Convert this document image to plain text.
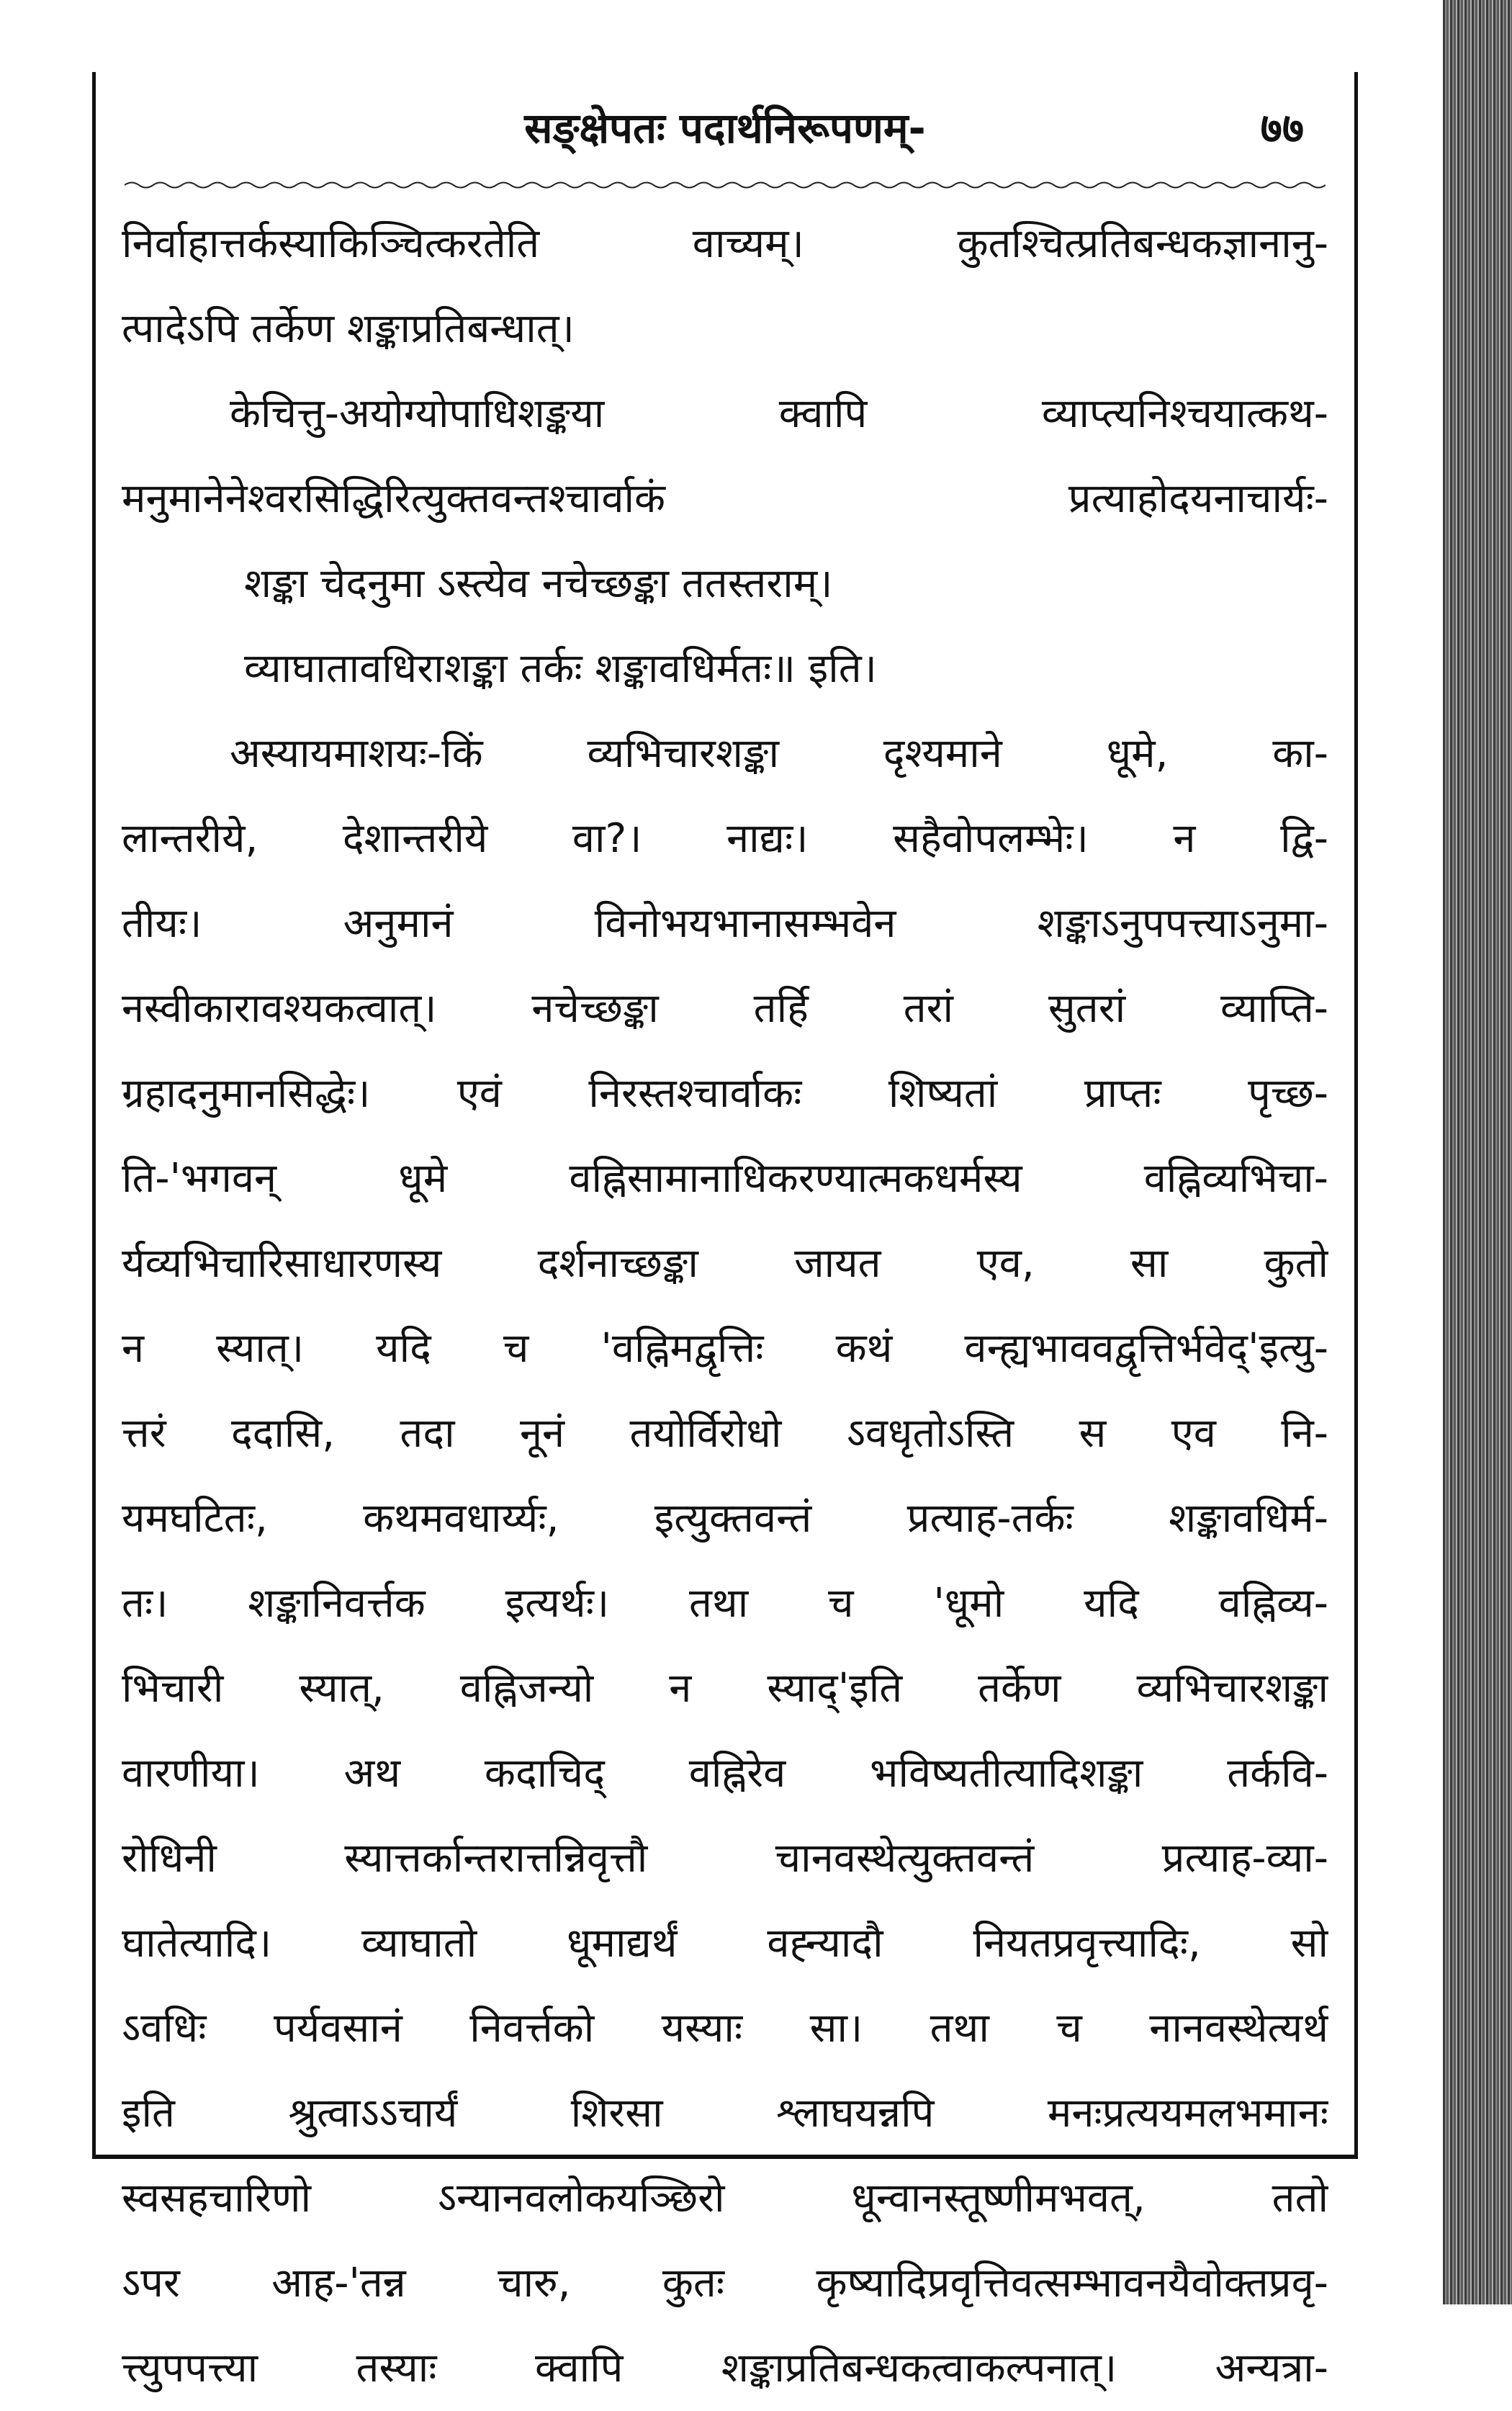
सङ्क्षेपतः पदार्थनिरूपणम्-	७७
निर्वाहात्तर्कस्याकिञ्चित्करतेति वाच्यम्। कुतश्चित्प्रतिबन्धकज्ञानानु-
त्पादेऽपि तर्केण शङ्काप्रतिबन्धात्।
केचित्तु-अयोग्योपाधिशङ्कया क्वापि व्याप्त्यनिश्चयात्कथ-
मनुमानेनेश्वरसिद्धिरित्युक्तवन्तश्चार्वाकं प्रत्याहोदयनाचार्यः-
शङ्का चेदनुमा ऽस्त्येव नचेच्छङ्का ततस्तराम्।
व्याघातावधिराशङ्का तर्कः शङ्कावधिर्मतः॥ इति।
अस्यायमाशयः-किं व्यभिचारशङ्का दृश्यमाने धूमे, का-
लान्तरीये, देशान्तरीये वा?। नाद्यः। सहैवोपलम्भेः। न द्वि-
तीयः। अनुमानं विनोभयभानासम्भवेन शङ्काऽनुपपत्त्याऽनुमा-
नस्वीकारावश्यकत्वात्। नचेच्छङ्का तर्हि तरां सुतरां व्याप्ति-
ग्रहादनुमानसिद्धेः। एवं निरस्तश्चार्वाकः शिष्यतां प्राप्तः पृच्छ-
ति-'भगवन् धूमे वह्निसामानाधिकरण्यात्मकधर्मस्य वह्निव्यभिचा-
र्यव्यभिचारिसाधारणस्य दर्शनाच्छङ्का जायत एव, सा कुतो
न स्यात्। यदि च 'वह्निमद्वृत्तिः कथं वन्ह्यभाववद्वृत्तिर्भवेद्'इत्यु-
त्तरं ददासि, तदा नूनं तयोर्विरोधो ऽवधृतोऽस्ति स एव नि-
यमघटितः, कथमवधार्य्यः, इत्युक्तवन्तं प्रत्याह-तर्कः शङ्कावधिर्म-
तः। शङ्कानिवर्त्तक इत्यर्थः। तथा च 'धूमो यदि वह्निव्य-
भिचारी स्यात्, वह्निजन्यो न स्याद्'इति तर्केण व्यभिचारशङ्का
वारणीया। अथ कदाचिद् वह्निरेव भविष्यतीत्यादिशङ्का तर्कवि-
रोधिनी स्यात्तर्कान्तरात्तन्निवृत्तौ चानवस्थेत्युक्तवन्तं प्रत्याह-व्या-
घातेत्यादि। व्याघातो धूमाद्यर्थं वह्न्यादौ नियतप्रवृत्त्यादिः, सो
ऽवधिः पर्यवसानं निवर्त्तको यस्याः सा। तथा च नानवस्थेत्यर्थ
इति श्रुत्वाऽऽचार्यं शिरसा श्लाघयन्नपि मनःप्रत्ययमलभमानः
स्वसहचारिणो ऽन्यानवलोकयञ्छिरो धून्वानस्तूष्णीमभवत्, ततो
ऽपर आह-'तन्न चारु, कुतः कृष्यादिप्रवृत्तिवत्सम्भावनयैवोक्तप्रवृ-
त्त्युपपत्त्या तस्याः क्वापि शङ्काप्रतिबन्धकत्वाकल्पनात्। अन्यत्रा-
